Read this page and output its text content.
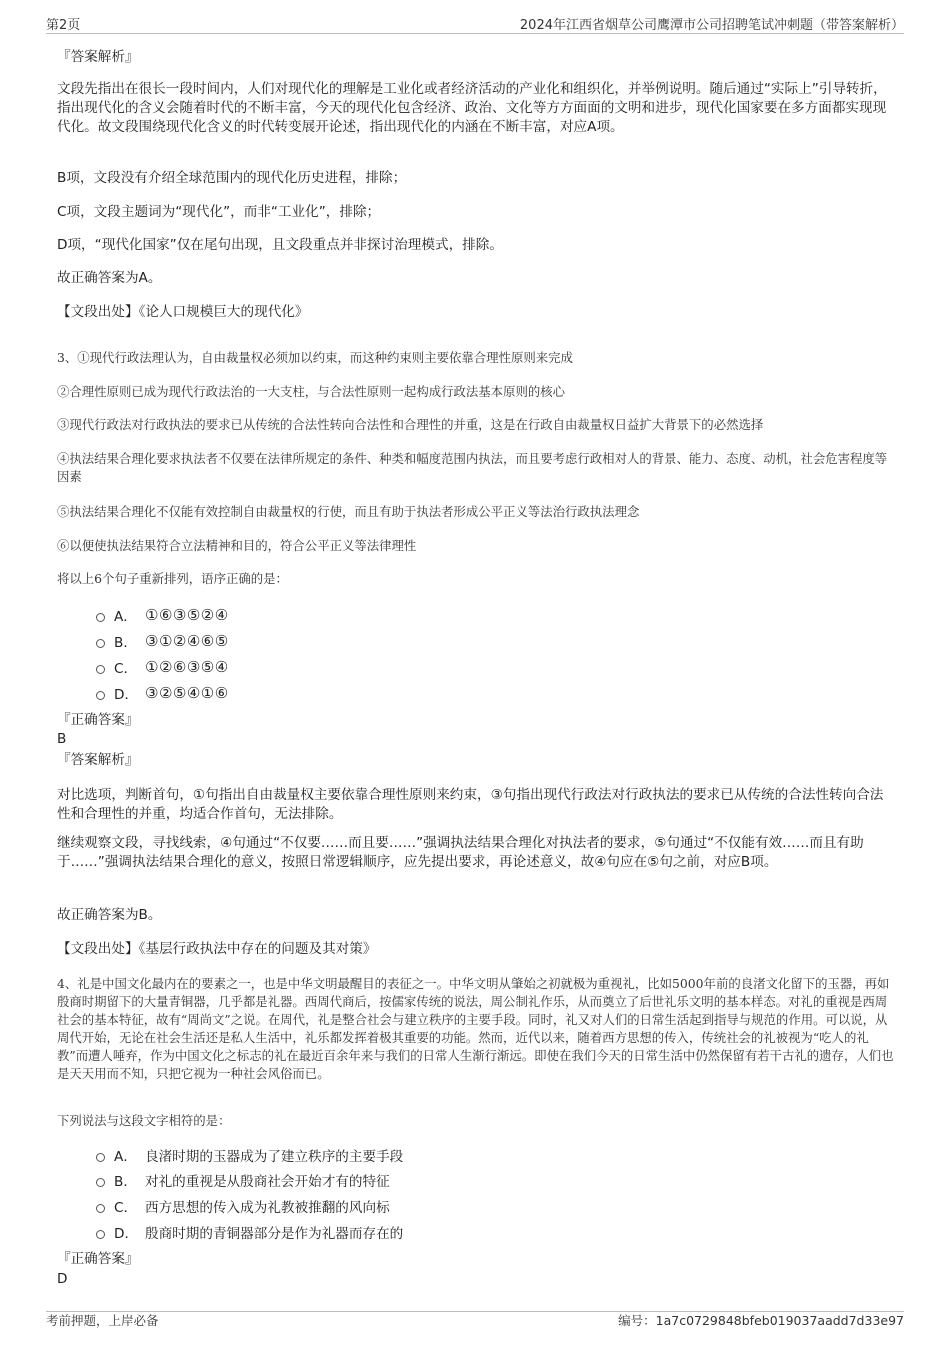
第2页	2024年江西省烟草公司鹰潭市公司招聘笔试冲刺题（带答案解析）
『答案解析』
文段先指出在很长一段时间内，人们对现代化的理解是工业化或者经济活动的产业化和组织化，并举例说明。随后通过“实际上”引导转折，指出现代化的含义会随着时代的不断丰富，今天的现代化包含经济、政治、文化等方方面面的文明和进步，现代化国家要在多方面都实现现代化。故文段围绕现代化含义的时代转变展开论述，指出现代化的内涵在不断丰富，对应A项。
B项，文段没有介绍全球范围内的现代化历史进程，排除；
C项，文段主题词为“现代化”，而非“工业化”，排除；
D项，“现代化国家”仅在尾句出现，且文段重点并非探讨治理模式，排除。
故正确答案为A。
【文段出处】《论人口规模巨大的现代化》
3、①现代行政法理认为，自由裁量权必须加以约束，而这种约束则主要依靠合理性原则来完成
②合理性原则已成为现代行政法治的一大支柱，与合法性原则一起构成行政法基本原则的核心
③现代行政法对行政执法的要求已从传统的合法性转向合法性和合理性的并重，这是在行政自由裁量权日益扩大背景下的必然选择
④执法结果合理化要求执法者不仅要在法律所规定的条件、种类和幅度范围内执法，而且要考虑行政相对人的背景、能力、态度、动机，社会危害程度等因素
⑤执法结果合理化不仅能有效控制自由裁量权的行使，而且有助于执法者形成公平正义等法治行政执法理念
⑥以便使执法结果符合立法精神和目的，符合公平正义等法律理性
将以上6个句子重新排列，语序正确的是：
A． ①⑥③⑤②④
B． ③①②④⑥⑤
C． ①②⑥③⑤④
D． ③②⑤④①⑥
『正确答案』
B
『答案解析』
对比选项，判断首句，①句指出自由裁量权主要依靠合理性原则来约束，③句指出现代行政法对行政执法的要求已从传统的合法性转向合法性和合理性的并重，均适合作首句，无法排除。
继续观察文段，寻找线索，④句通过“不仅要……而且要……”强调执法结果合理化对执法者的要求，⑤句通过“不仅能有效……而且有助于……”强调执法结果合理化的意义，按照日常逻辑顺序，应先提出要求，再论述意义，故④句应在⑤句之前，对应B项。
故正确答案为B。
【文段出处】《基层行政执法中存在的问题及其对策》
4、礼是中国文化最内在的要素之一，也是中华文明最醒目的表征之一。中华文明从肇始之初就极为重视礼，比如5000年前的良渚文化留下的玉器，再如殷商时期留下的大量青铜器，几乎都是礼器。西周代商后，按儒家传统的说法，周公制礼作乐，从而奠立了后世礼乐文明的基本样态。对礼的重视是西周社会的基本特征，故有“周尚文”之说。在周代，礼是整合社会与建立秩序的主要手段。同时，礼又对人们的日常生活起到指导与规范的作用。可以说，从周代开始，无论在社会生活还是私人生活中，礼乐都发挥着极其重要的功能。然而，近代以来，随着西方思想的传入，传统社会的礼被视为“吃人的礼教”而遭人唾弃，作为中国文化之标志的礼在最近百余年来与我们的日常人生渐行渐远。即使在我们今天的日常生活中仍然保留有若干古礼的遗存，人们也是天天用而不知，只把它视为一种社会风俗而已。
下列说法与这段文字相符的是：
A． 良渚时期的玉器成为了建立秩序的主要手段
B． 对礼的重视是从殷商社会开始才有的特征
C． 西方思想的传入成为礼教被推翻的风向标
D． 殷商时期的青铜器部分是作为礼器而存在的
『正确答案』
D
考前押题，上岸必备	编号：1a7c0729848bfeb019037aadd7d33e97
